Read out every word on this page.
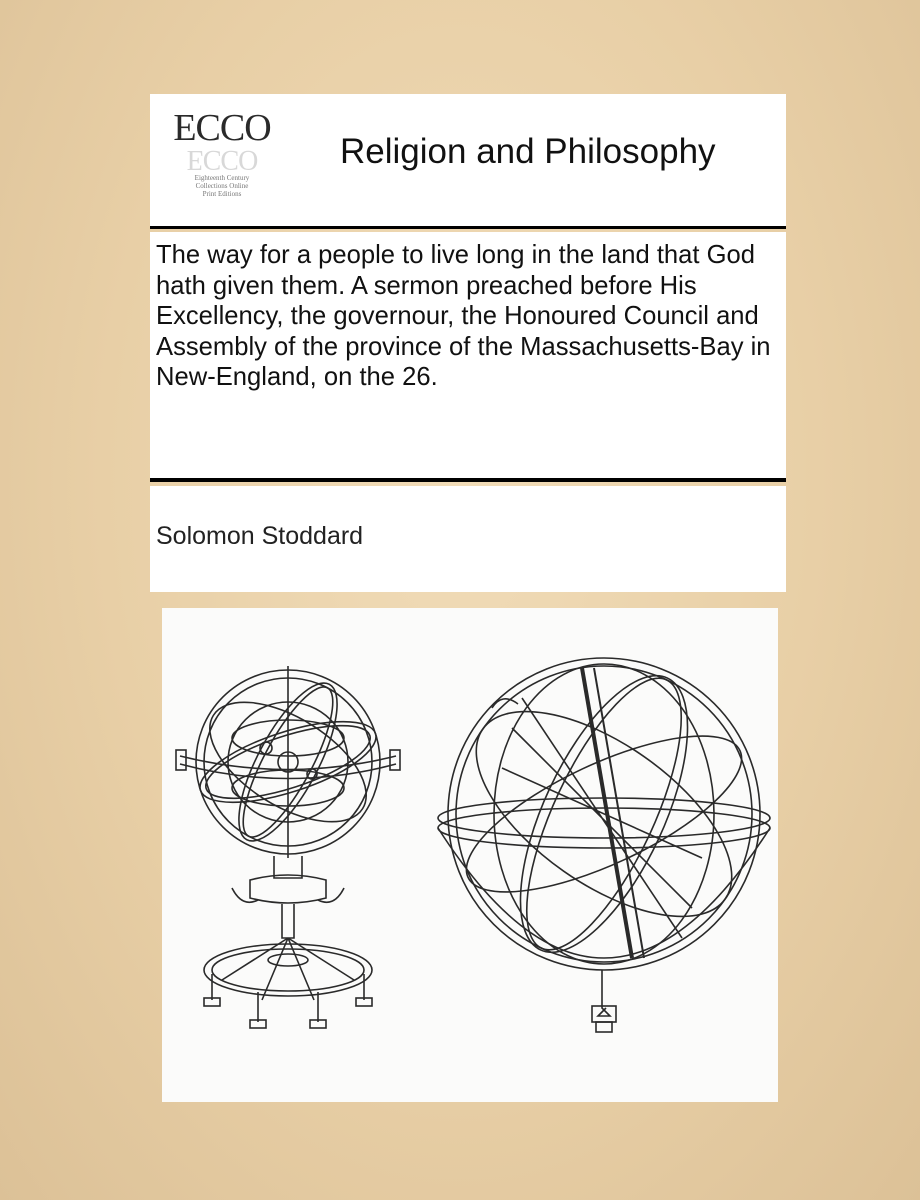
ECCO
ECCO
Eighteenth Century
Collections Online
Print Editions
Religion and Philosophy

The way for a people to live long in the land that God hath given them. A sermon preached before His Excellency, the governour, the Honoured Council and Assembly of the province of the Massachusetts-Bay in New-England, on the 26.

Solomon Stoddard
